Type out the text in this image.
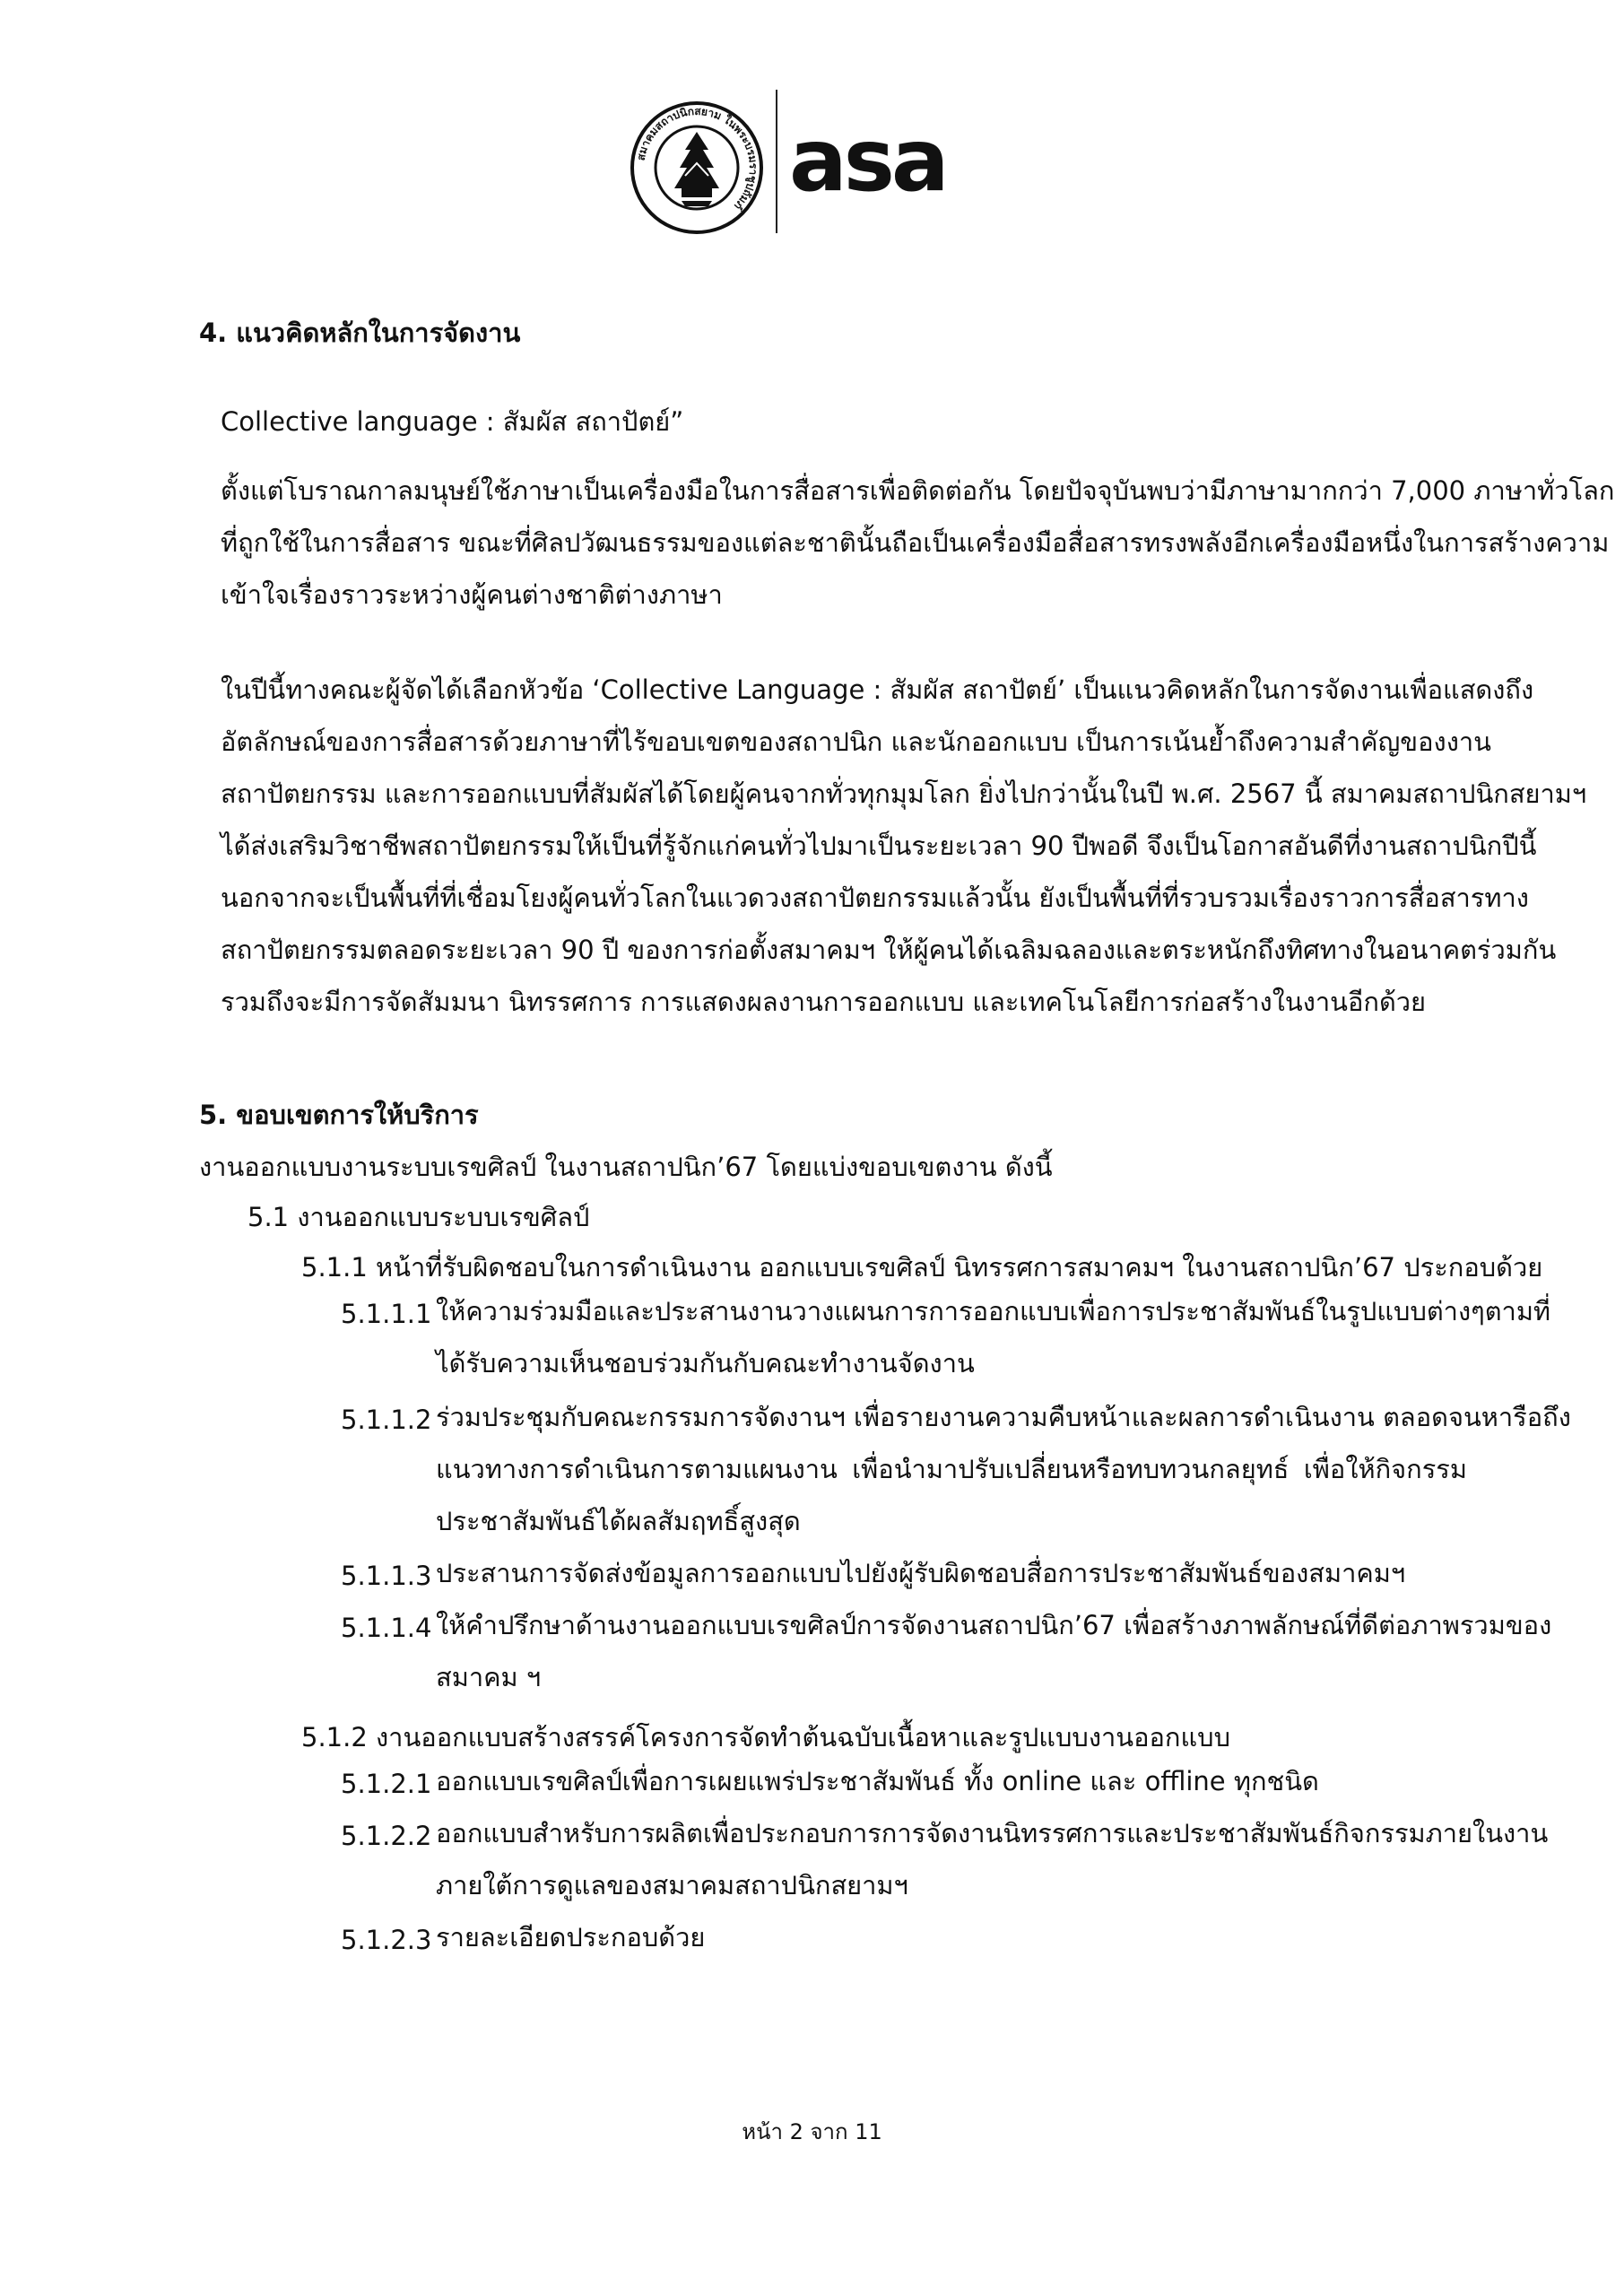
สมาคมสถาปนิกสยาม ในพระบรมราชูปถัมภ์ asa
4. แนวคิดหลักในการจัดงาน
Collective language : สัมผัส สถาปัตย์”
ตั้งแต่โบราณกาลมนุษย์ใช้ภาษาเป็นเครื่องมือในการสื่อสารเพื่อติดต่อกัน โดยปัจจุบันพบว่ามีภาษามากกว่า 7,000 ภาษาทั่วโลก
ที่ถูกใช้ในการสื่อสาร ขณะที่ศิลปวัฒนธรรมของแต่ละชาตินั้นถือเป็นเครื่องมือสื่อสารทรงพลังอีกเครื่องมือหนึ่งในการสร้างความ
เข้าใจเรื่องราวระหว่างผู้คนต่างชาติต่างภาษา
ในปีนี้ทางคณะผู้จัดได้เลือกหัวข้อ ‘Collective Language : สัมผัส สถาปัตย์’ เป็นแนวคิดหลักในการจัดงานเพื่อแสดงถึง
อัตลักษณ์ของการสื่อสารด้วยภาษาที่ไร้ขอบเขตของสถาปนิก และนักออกแบบ เป็นการเน้นย้ำถึงความสำคัญของงาน
สถาปัตยกรรม และการออกแบบที่สัมผัสได้โดยผู้คนจากทั่วทุกมุมโลก ยิ่งไปกว่านั้นในปี พ.ศ. 2567 นี้ สมาคมสถาปนิกสยามฯ
ได้ส่งเสริมวิชาชีพสถาปัตยกรรมให้เป็นที่รู้จักแก่คนทั่วไปมาเป็นระยะเวลา 90 ปีพอดี จึงเป็นโอกาสอันดีที่งานสถาปนิกปีนี้
นอกจากจะเป็นพื้นที่ที่เชื่อมโยงผู้คนทั่วโลกในแวดวงสถาปัตยกรรมแล้วนั้น ยังเป็นพื้นที่ที่รวบรวมเรื่องราวการสื่อสารทาง
สถาปัตยกรรมตลอดระยะเวลา 90 ปี ของการก่อตั้งสมาคมฯ ให้ผู้คนได้เฉลิมฉลองและตระหนักถึงทิศทางในอนาคตร่วมกัน
รวมถึงจะมีการจัดสัมมนา นิทรรศการ การแสดงผลงานการออกแบบ และเทคโนโลยีการก่อสร้างในงานอีกด้วย
5. ขอบเขตการให้บริการ
งานออกแบบงานระบบเรขศิลป์ ในงานสถาปนิก’67 โดยแบ่งขอบเขตงาน ดังนี้
5.1 งานออกแบบระบบเรขศิลป์
5.1.1 หน้าที่รับผิดชอบในการดำเนินงาน ออกแบบเรขศิลป์ นิทรรศการสมาคมฯ ในงานสถาปนิก’67 ประกอบด้วย
5.1.1.1 ให้ความร่วมมือและประสานงานวางแผนการการออกแบบเพื่อการประชาสัมพันธ์ในรูปแบบต่างๆตามที่
ได้รับความเห็นชอบร่วมกันกับคณะทำงานจัดงาน
5.1.1.2 ร่วมประชุมกับคณะกรรมการจัดงานฯ เพื่อรายงานความคืบหน้าและผลการดำเนินงาน ตลอดจนหารือถึง
แนวทางการดำเนินการตามแผนงาน เพื่อนำมาปรับเปลี่ยนหรือทบทวนกลยุทธ์ เพื่อให้กิจกรรม
ประชาสัมพันธ์ได้ผลสัมฤทธิ์สูงสุด
5.1.1.3 ประสานการจัดส่งข้อมูลการออกแบบไปยังผู้รับผิดชอบสื่อการประชาสัมพันธ์ของสมาคมฯ
5.1.1.4 ให้คำปรึกษาด้านงานออกแบบเรขศิลป์การจัดงานสถาปนิก’67 เพื่อสร้างภาพลักษณ์ที่ดีต่อภาพรวมของ
สมาคม ฯ
5.1.2 งานออกแบบสร้างสรรค์โครงการจัดทำต้นฉบับเนื้อหาและรูปแบบงานออกแบบ
5.1.2.1 ออกแบบเรขศิลป์เพื่อการเผยแพร่ประชาสัมพันธ์ ทั้ง online และ offline ทุกชนิด
5.1.2.2 ออกแบบสำหรับการผลิตเพื่อประกอบการการจัดงานนิทรรศการและประชาสัมพันธ์กิจกรรมภายในงาน
ภายใต้การดูแลของสมาคมสถาปนิกสยามฯ
5.1.2.3 รายละเอียดประกอบด้วย
หน้า 2 จาก 11
